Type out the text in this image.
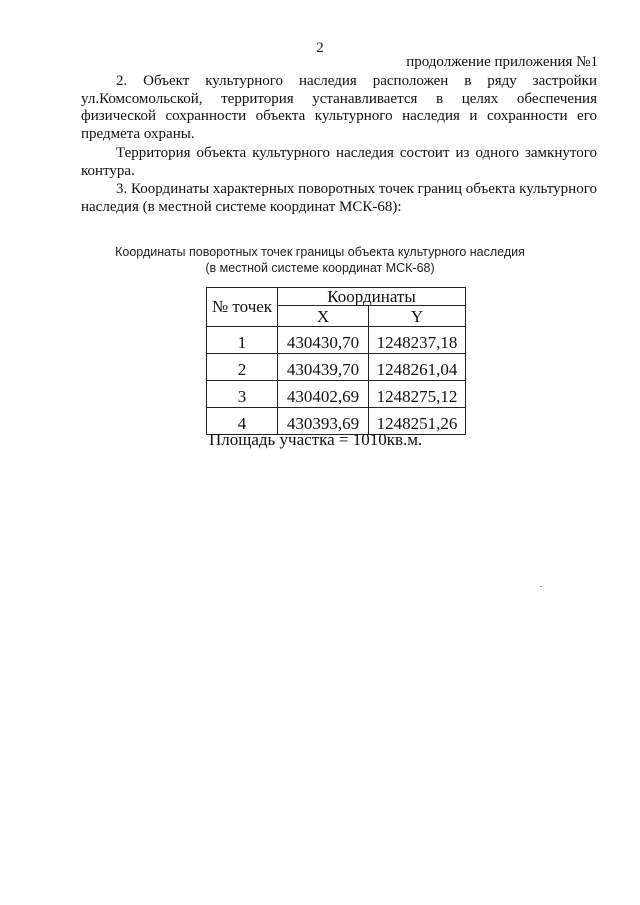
2
продолжение приложения №1

2. Объект культурного наследия расположен в ряду застройки ул.Комсомольской, территория устанавливается в целях обеспечения физической сохранности объекта культурного наследия и сохранности его предмета охраны.

Территория объекта культурного наследия состоит из одного замкнутого контура.

3. Координаты характерных поворотных точек границ объекта культурного наследия (в местной системе координат МСК-68):

Координаты поворотных точек границы объекта культурного наследия
(в местной системе координат МСК-68)
№ точек	Координаты	
	X	Y
1	430430,70	1248237,18
2	430439,70	1248261,04
3	430402,69	1248275,12
4	430393,69	1248251,26
Площадь участка = 1010кв.м.
